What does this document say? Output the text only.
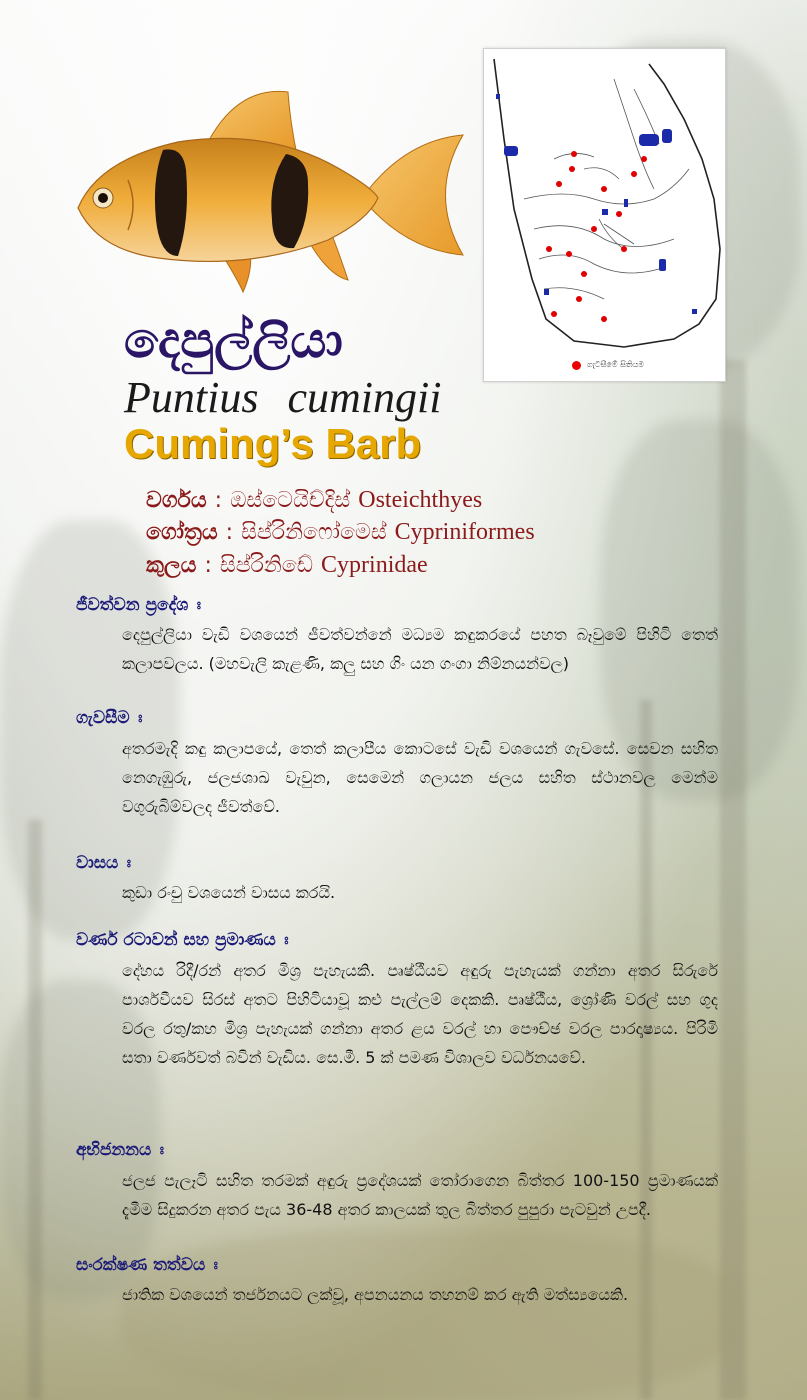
ගැටසීමේ සිතියම
දෙපුල්ලියා
Puntius cumingii
Cuming’s Barb
වර්ගය : ඔස්ටෙයිච්දිස් Osteichthyes
ගෝත්‍රය : සිප්රිනිෆෝමෙස් Cypriniformes
කුලය : සිප්රිනිඩේ Cyprinidae
ජීවත්වන ප්‍රදේශ ඃ

දෙපුල්ලියා වැඩි වශයෙන් ජීවත්වන්නේ මධ්‍යම කඳුකරයේ පහත බෑවුමේ පිහිටි තෙත් කලාපවලය. (මහවැලි කැළණි, කලු සහ ගිං යන ගංගා නිම්නයන්වල)

ගැවසීම ඃ

අතරමැදි කඳු කලාපයේ, තෙත් කලාපීය කොටසේ වැඩි වශයෙන් ගැවසේ. සෙවන සහිත නෙගැඹුරු, ජලජශාඛ වැවුන, සෙමෙන් ගලායන ජලය සහිත ස්ථානවල මෙන්ම වගුරුබිම්වලද ජීවත්වේ.

වාසය ඃ

කුඩා රංචු වශයෙන් වාසය කරයි.

වර්ණ රටාවන් සහ ප්‍රමාණය ඃ

දේහය රිදී/රන් අතර මිශ්‍ර පැහැයකි. පෘෂ්ඨීයව අඳුරු පැහැයක් ගන්නා අතර සිරුරේ පාර්ශවීයව සිරස් අතට පිහිටියාවූ කළු පැල්ලම් දෙකකි. පෘෂ්ඨීය, ශ්‍රෝණි වරල් සහ ගුද වරල රතු/කහ මිශ්‍ර පැහැයක් ගන්නා අතර ළය වරල් හා පෞච්ඡ වරල පාරදෘෂ්‍යය. පිරිමි සතා වර්ණවත් බවින් වැඩිය. සෙ.මී. 5 ක් පමණ විශාලව වර්ධනයවේ.

අභිජනනය ඃ

ජලජ පැලෑටි සහිත තරමක් අඳුරු ප්‍රදේශයක් තෝරාගෙන බිත්තර 100-150 ප්‍රමාණයක් දැමීම සිදුකරන අතර පැය 36-48 අතර කාලයක් තුල බිත්තර පුපුරා පැටවුන් උපදී.

සංරක්ෂණ තත්වය ඃ

ජාතික වශයෙන් තර්ජනයට ලක්වූ, අපනයනය තහනම් කර ඇති මත්ස්‍යයෙකි.
